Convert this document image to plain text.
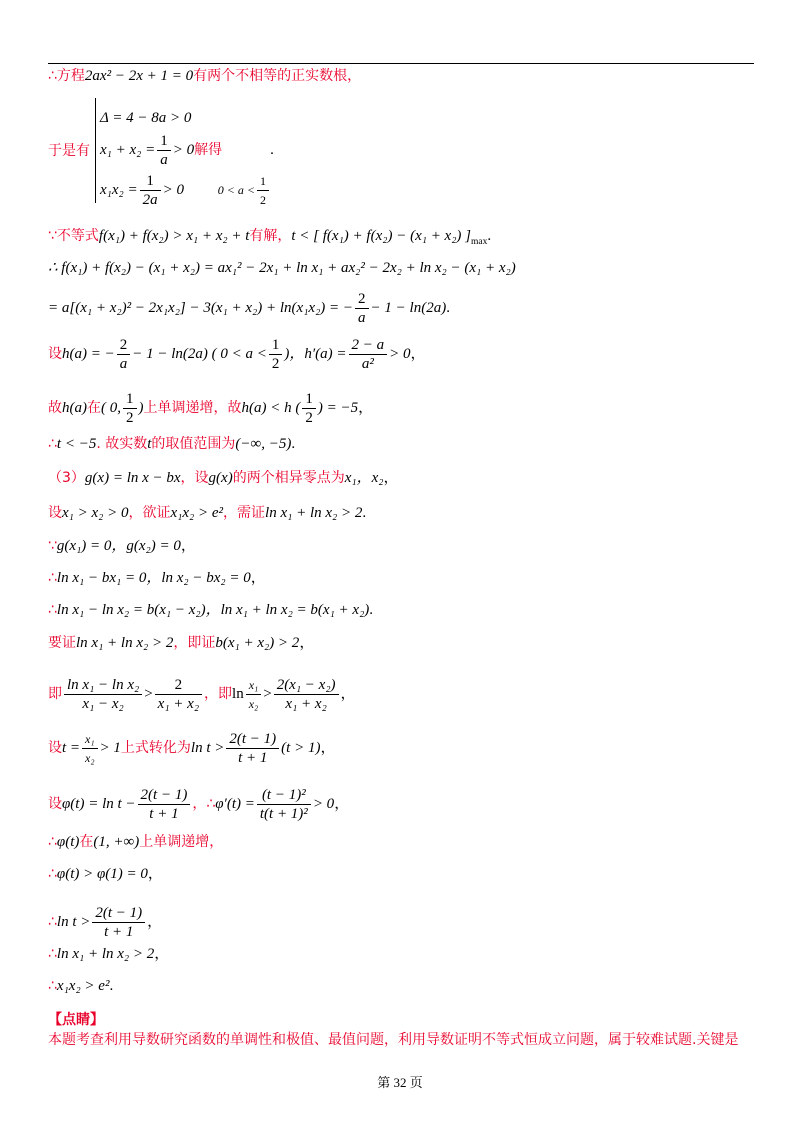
∴方程2ax² − 2x + 1 = 0有两个不相等的正实数根，
于是有
Δ = 4 − 8a > 0
$x_1 + x_2 = \frac{1}{a} > 0$解得	.
$x_1x_2 = \frac{1}{2a} > 0$	$0 < a < \frac{1}{2}$
∵不等式f(x₁) + f(x₂) > x₁ + x₂ + t有解，t < [ f(x₁) + f(x₂) − (x₁ + x₂) ]$_{max}$.
∴ f(x₁) + f(x₂) − (x₁ + x₂) = ax₁² − 2x₁ + ln x₁ + ax₂² − 2x₂ + ln x₂ − (x₁ + x₂)
= a[(x₁ + x₂)² − 2x₁x₂] − 3(x₁ + x₂) + ln(x₁x₂) = − $\frac{2}{a} - 1 - \ln(2a)$.
设h(a) = − $\frac{2}{a} - 1 - \ln(2a)$ ( $0 < a < \frac{1}{2}$ )，$h'(a) = \frac{2 - a}{\text{a²}} > 0$，
故h(a)在( 0, $\frac{1}{2}$ )上单调递增，故h(a) < h ( $\frac{1}{2}$ ) = −5，
∴t < −5. 故实数t的取值范围为(−∞, −5).
（3）g(x) = ln x − bx，设g(x)的两个相异零点为x₁，x₂，
设x₁ > x₂ > 0，欲证x₁x₂ > e²，需证ln x₁ + ln x₂ > 2.
∵g(x₁) = 0，g(x₂) = 0，
∴ln x₁ − bx₁ = 0，ln x₂ − bx₂ = 0，
∴ln x₁ − ln x₂ = b(x₁ − x₂)，ln x₁ + ln x₂ = b(x₁ + x₂).
要证ln x₁ + ln x₂ > 2，即证b(x₁ + x₂) > 2，
即 $\frac{\text{ln x₁ − ln x₂}}{\text{x₁ − x₂}} > \frac{2}{\text{x₁ + x₂}}$ ，即$\ln \frac{\text{x₁}}{\text{x₂}} > \frac{\text{2(x₁ − x₂)}}{\text{x₁ + x₂}}$ ，
设$t = \frac{\text{x₁}}{\text{x₂}} > 1$上式转化为$\ln t > \frac{2(t - 1)}{t + 1} (t > 1)$，
设$\varphi(t) = \ln t - \frac{2(t - 1)}{t + 1}$ ，∴φ′(t) = $\frac{\text{(t − 1)²}}{\text{t(t + 1)²}} > 0$，
∴φ(t)在(1, +∞)上单调递增，
∴φ(t) > φ(1) = 0，
∴ln $t > \frac{2(t - 1)}{t + 1}$ ，
∴ln x₁ + ln x₂ > 2，
∴x₁x₂ > e².
【点睛】
本题考查利用导数研究函数的单调性和极值、最值问题，利用导数证明不等式恒成立问题，属于较难试题.关键是
第 32 页
